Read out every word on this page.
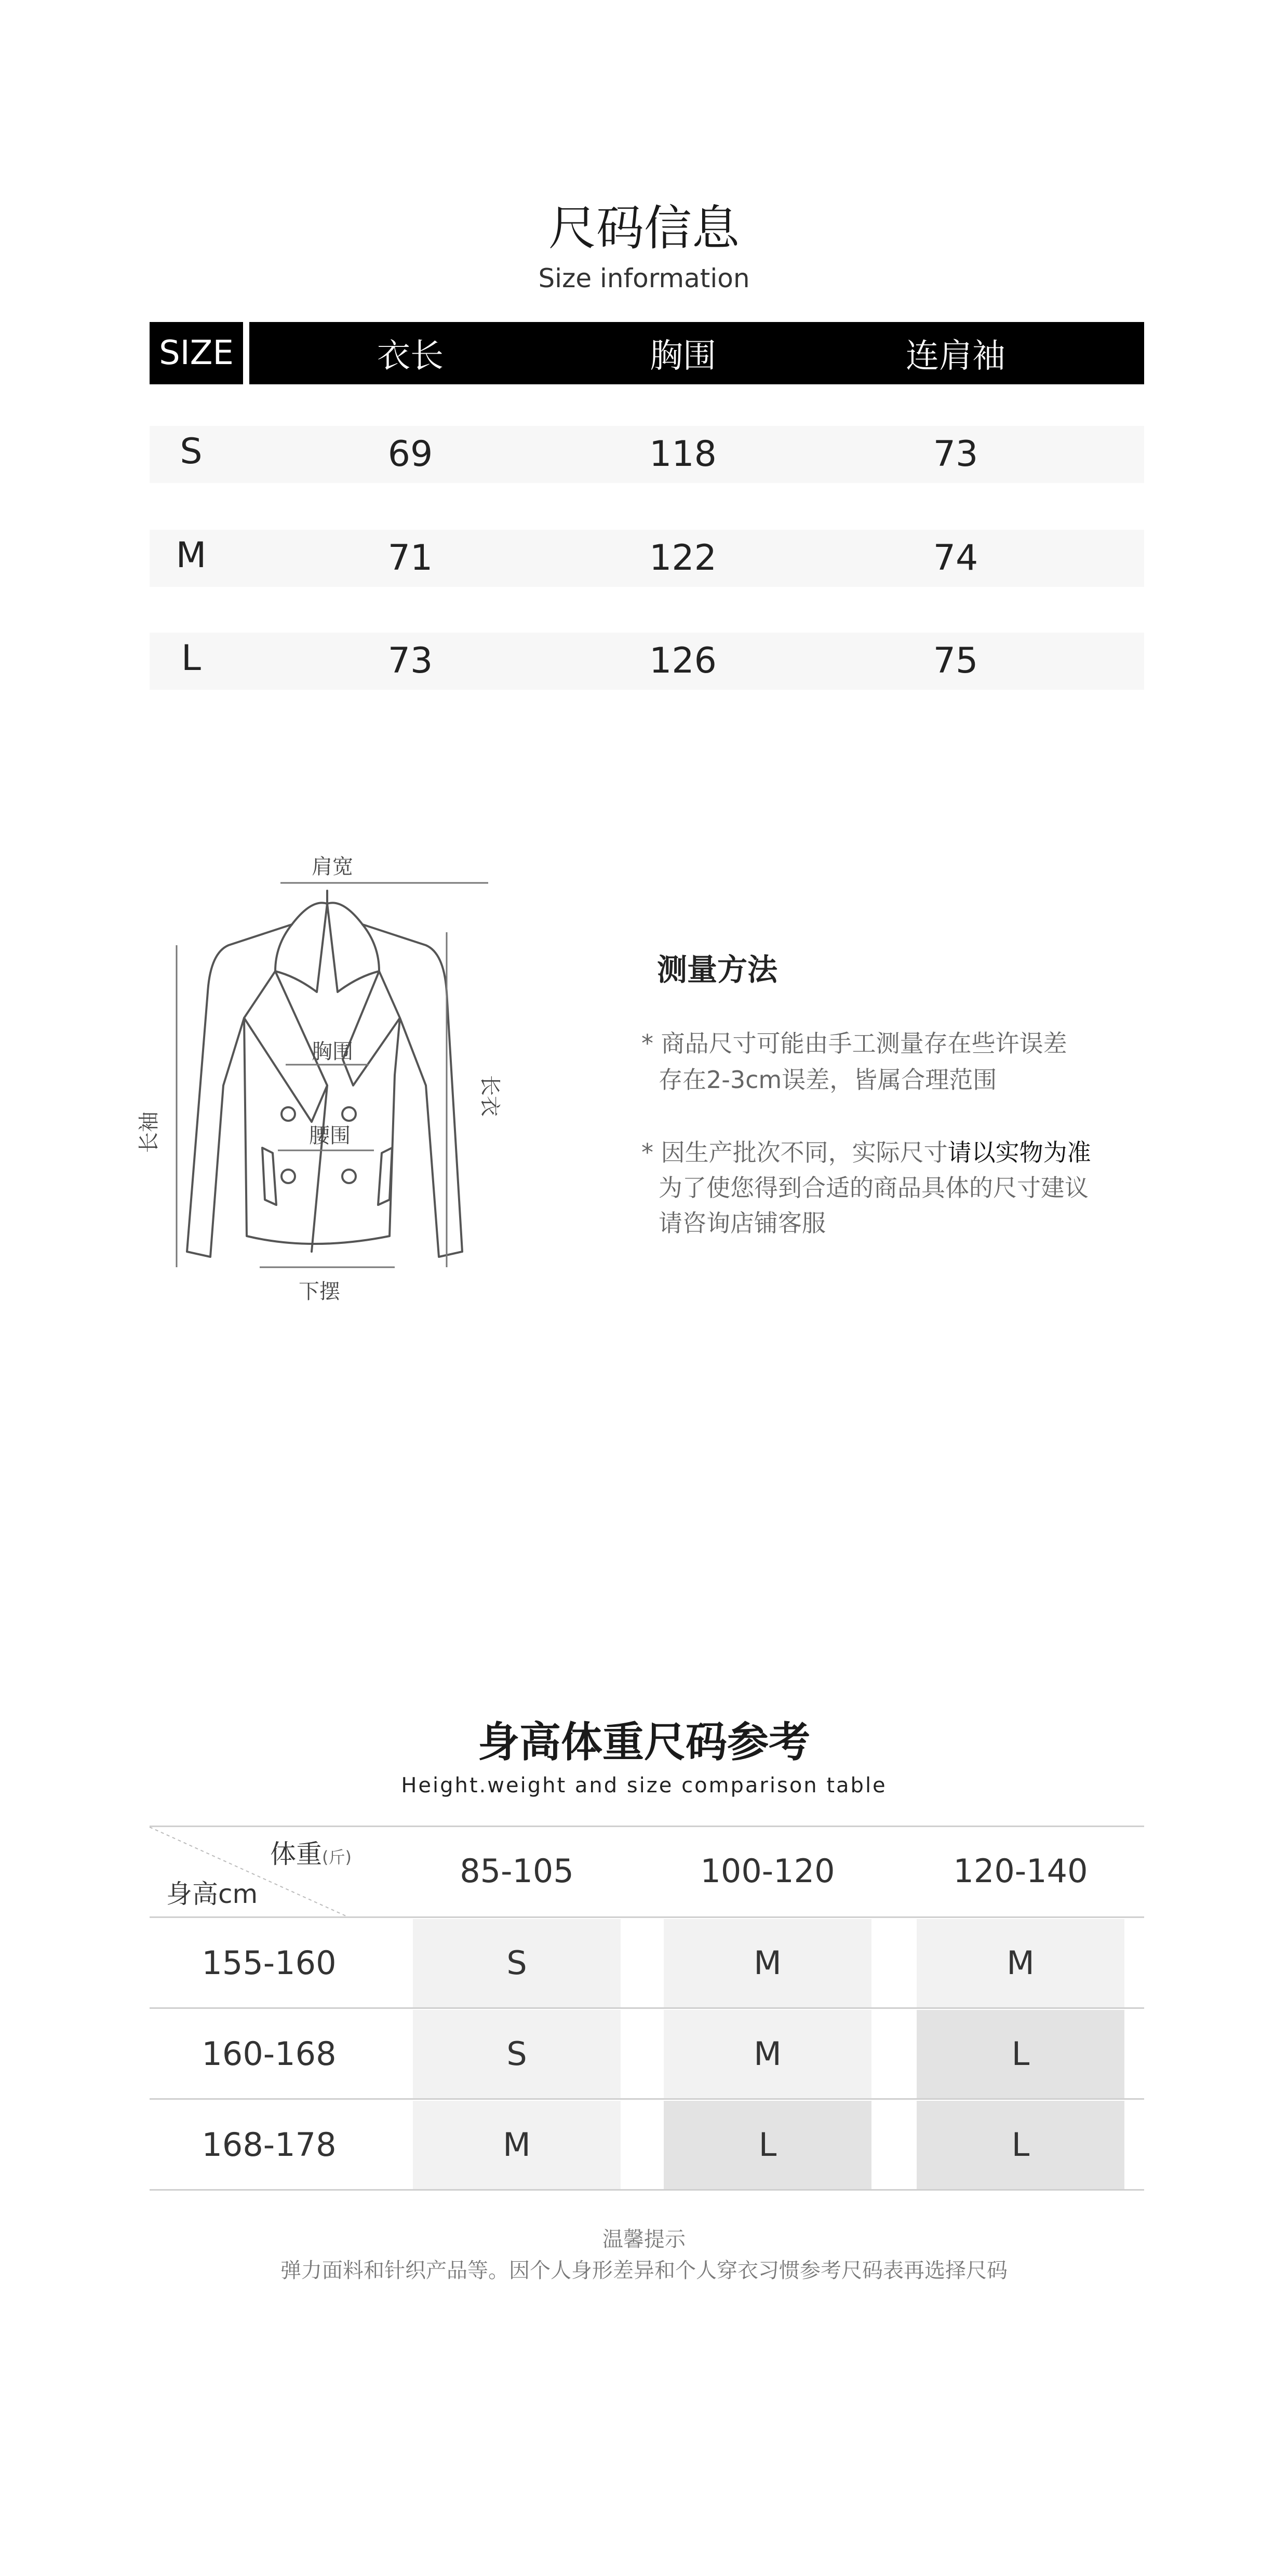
尺码信息
Size information
SIZE	衣长	胸围	连肩袖
S	69	118	73
M	71	122	74
L	73	126	75
肩宽
胸围
腰围
下摆
长袖
长衣
测量方法
* 商品尺寸可能由手工测量存在些许误差
存在2-3cm误差，皆属合理范围
* 因生产批次不同，实际尺寸请以实物为准
为了使您得到合适的商品具体的尺寸建议
请咨询店铺客服
身高体重尺码参考
Height.weight and size comparison table
体重(斤)
身高cm
85-105	100-120	120-140
155-160	S	M	M
160-168	S	M	L
168-178	M	L	L
温馨提示
弹力面料和针织产品等。因个人身形差异和个人穿衣习惯参考尺码表再选择尺码
